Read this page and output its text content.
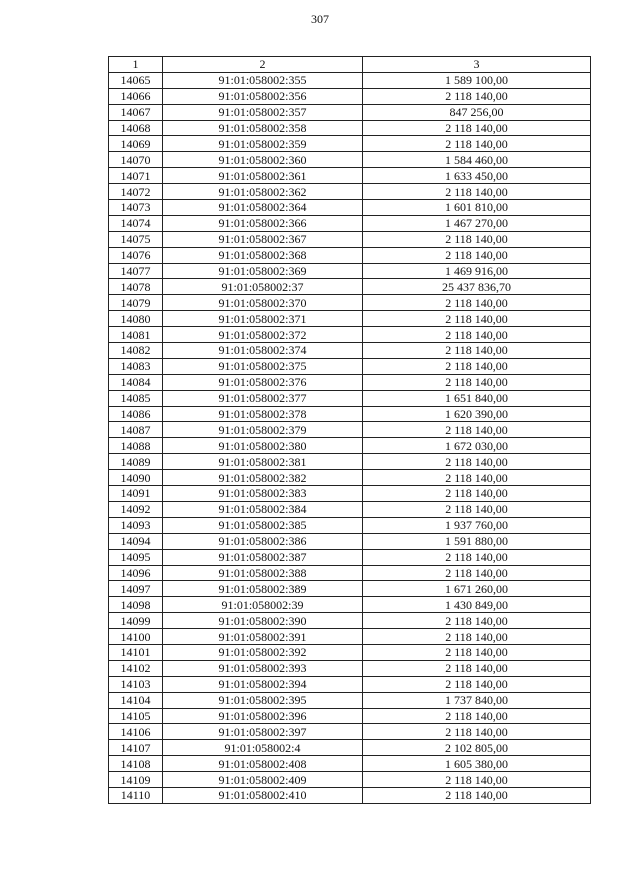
307
1	2	3
14065	91:01:058002:355	1 589 100,00
14066	91:01:058002:356	2 118 140,00
14067	91:01:058002:357	847 256,00
14068	91:01:058002:358	2 118 140,00
14069	91:01:058002:359	2 118 140,00
14070	91:01:058002:360	1 584 460,00
14071	91:01:058002:361	1 633 450,00
14072	91:01:058002:362	2 118 140,00
14073	91:01:058002:364	1 601 810,00
14074	91:01:058002:366	1 467 270,00
14075	91:01:058002:367	2 118 140,00
14076	91:01:058002:368	2 118 140,00
14077	91:01:058002:369	1 469 916,00
14078	91:01:058002:37	25 437 836,70
14079	91:01:058002:370	2 118 140,00
14080	91:01:058002:371	2 118 140,00
14081	91:01:058002:372	2 118 140,00
14082	91:01:058002:374	2 118 140,00
14083	91:01:058002:375	2 118 140,00
14084	91:01:058002:376	2 118 140,00
14085	91:01:058002:377	1 651 840,00
14086	91:01:058002:378	1 620 390,00
14087	91:01:058002:379	2 118 140,00
14088	91:01:058002:380	1 672 030,00
14089	91:01:058002:381	2 118 140,00
14090	91:01:058002:382	2 118 140,00
14091	91:01:058002:383	2 118 140,00
14092	91:01:058002:384	2 118 140,00
14093	91:01:058002:385	1 937 760,00
14094	91:01:058002:386	1 591 880,00
14095	91:01:058002:387	2 118 140,00
14096	91:01:058002:388	2 118 140,00
14097	91:01:058002:389	1 671 260,00
14098	91:01:058002:39	1 430 849,00
14099	91:01:058002:390	2 118 140,00
14100	91:01:058002:391	2 118 140,00
14101	91:01:058002:392	2 118 140,00
14102	91:01:058002:393	2 118 140,00
14103	91:01:058002:394	2 118 140,00
14104	91:01:058002:395	1 737 840,00
14105	91:01:058002:396	2 118 140,00
14106	91:01:058002:397	2 118 140,00
14107	91:01:058002:4	2 102 805,00
14108	91:01:058002:408	1 605 380,00
14109	91:01:058002:409	2 118 140,00
14110	91:01:058002:410	2 118 140,00
